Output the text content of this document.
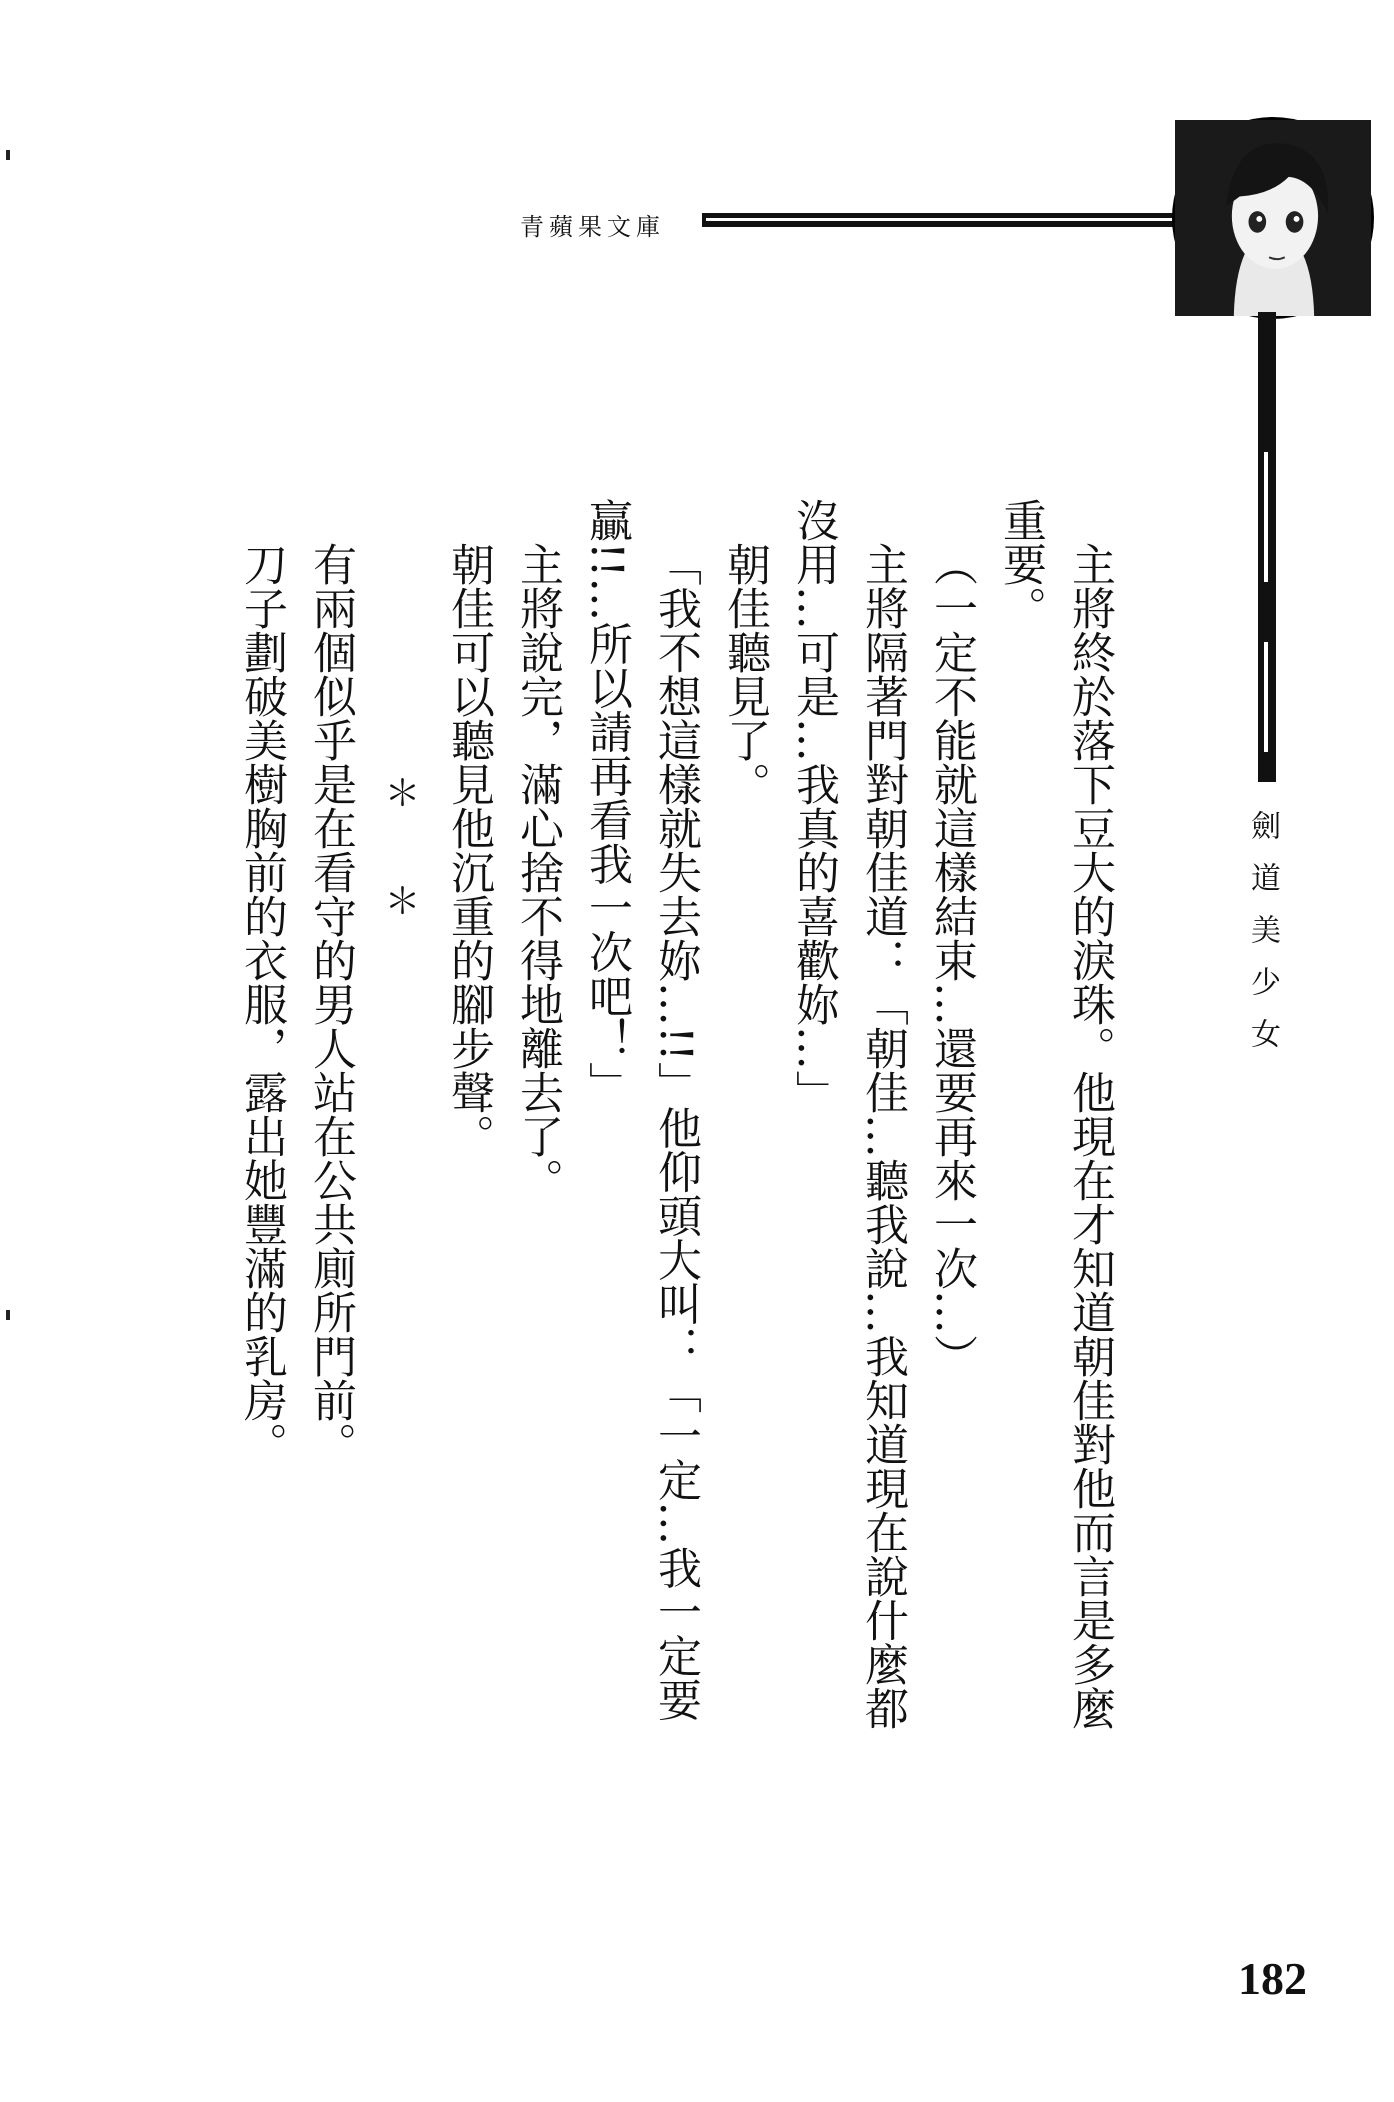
青蘋果文庫
劍道美少女

主將終於落下豆大的淚珠。他現在才知道朝佳對他而言是多麼

重要。

（一定不能就這樣結束…還要再來一次…）

主將隔著門對朝佳道：「朝佳…聽我說…我知道現在說什麼都

沒用…可是…我真的喜歡妳…」

朝佳聽見了。

「我不想這樣就失去妳…!!」他仰頭大叫：「一定…我一定要

贏!!…所以請再看我一次吧！」

主將說完，滿心捨不得地離去了。

朝佳可以聽見他沉重的腳步聲。

＊　　＊

有兩個似乎是在看守的男人站在公共廁所門前。

刀子劃破美樹胸前的衣服，露出她豐滿的乳房。

182
